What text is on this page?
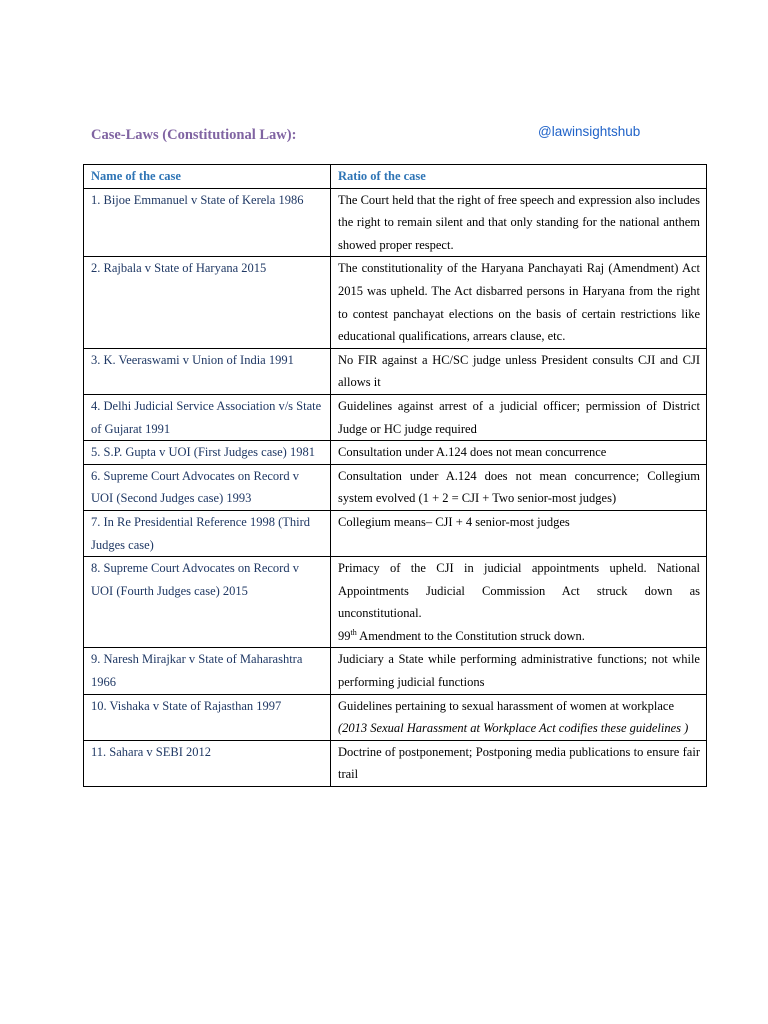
Case-Laws (Constitutional Law):	@lawinsightshub
Name of the case	Ratio of the case
1. Bijoe Emmanuel v State of Kerela 1986	The Court held that the right of free speech and expression also includes the right to remain silent and that only standing for the national anthem showed proper respect.

2. Rajbala v State of Haryana 2015	The constitutionality of the Haryana Panchayati Raj (Amendment) Act 2015 was upheld. The Act disbarred persons in Haryana from the right to contest panchayat elections on the basis of certain restrictions like educational qualifications, arrears clause, etc.

3. K. Veeraswami v Union of India 1991	No FIR against a HC/SC judge unless President consults CJI and CJI allows it

4. Delhi Judicial Service Association v/s State of Gujarat 1991	Guidelines against arrest of a judicial officer; permission of District Judge or HC judge required

5. S.P. Gupta v UOI (First Judges case) 1981	Consultation under A.124 does not mean concurrence

6. Supreme Court Advocates on Record v UOI (Second Judges case) 1993	Consultation under A.124 does not mean concurrence; Collegium system evolved (1 + 2 = CJI + Two senior-most judges)

7. In Re Presidential Reference 1998 (Third Judges case)	Collegium means– CJI + 4 senior-most judges

8. Supreme Court Advocates on Record v UOI (Fourth Judges case) 2015	Primacy of the CJI in judicial appointments upheld. National Appointments Judicial Commission Act struck down as unconstitutional.
99th Amendment to the Constitution struck down.

9. Naresh Mirajkar v State of Maharashtra 1966	Judiciary a State while performing administrative functions; not while performing judicial functions

10. Vishaka v State of Rajasthan 1997	Guidelines pertaining to sexual harassment of women at workplace
(2013 Sexual Harassment at Workplace Act codifies these guidelines )

11. Sahara v SEBI 2012	Doctrine of postponement; Postponing media publications to ensure fair trail
